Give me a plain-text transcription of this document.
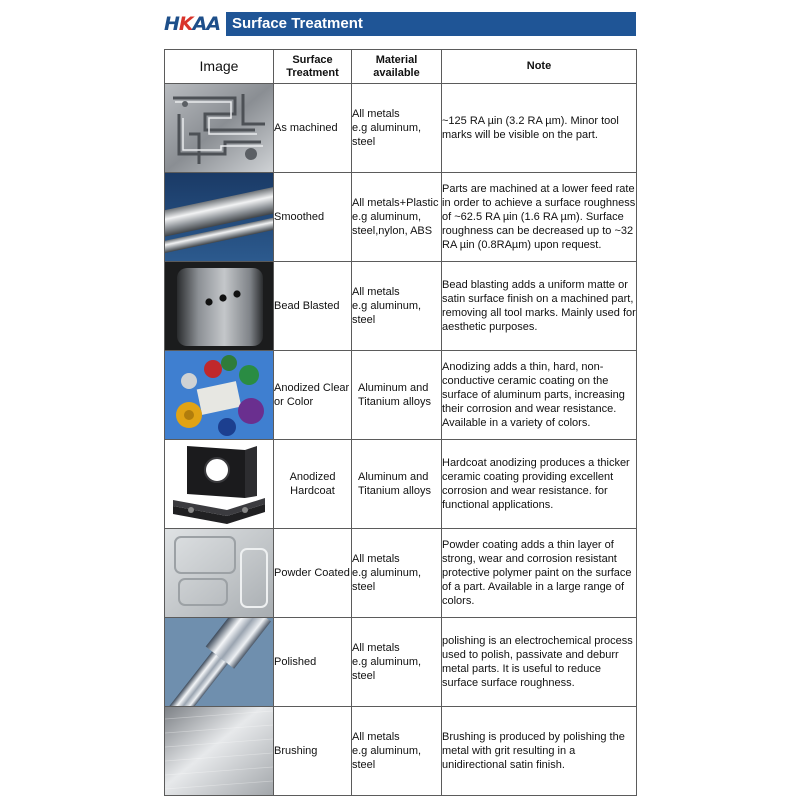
HKAA Surface Treatment
Image	Surface Treatment	Material available	Note

	As machined	All metals
e.g aluminum,
steel	~125 RA µin (3.2 RA µm). Minor tool marks will be visible on the part.

	Smoothed	All metals+Plastic
e.g aluminum,
steel,nylon, ABS	Parts are machined at a lower feed rate in order to achieve a surface roughness of ~62.5 RA µin (1.6 RA µm). Surface roughness can be decreased up to ~32 RA µin (0.8RAµm) upon request.

	Bead Blasted	All metals
e.g aluminum,
steel	Bead blasting adds a uniform matte or satin surface finish on a machined part, removing all tool marks. Mainly used for aesthetic purposes.

	Anodized Clear or Color	Aluminum and
Titanium alloys	Anodizing adds a thin, hard, non-conductive ceramic coating on the surface of aluminum parts, increasing their corrosion and wear resistance. Available in a variety of colors.

	Anodized Hardcoat	Aluminum and
Titanium alloys	Hardcoat anodizing produces a thicker ceramic coating providing excellent corrosion and wear resistance. for functional applications.

	Powder Coated	All metals
e.g aluminum,
steel	Powder coating adds a thin layer of strong, wear and corrosion resistant protective polymer paint on the surface of a part. Available in a large range of colors.

	Polished	All metals
e.g aluminum,
steel	polishing is an electrochemical process used to polish, passivate and deburr metal parts. It is useful to reduce surface surface roughness.

	Brushing	All metals
e.g aluminum,
steel	Brushing is produced by polishing the metal with grit resulting in a unidirectional satin finish.
